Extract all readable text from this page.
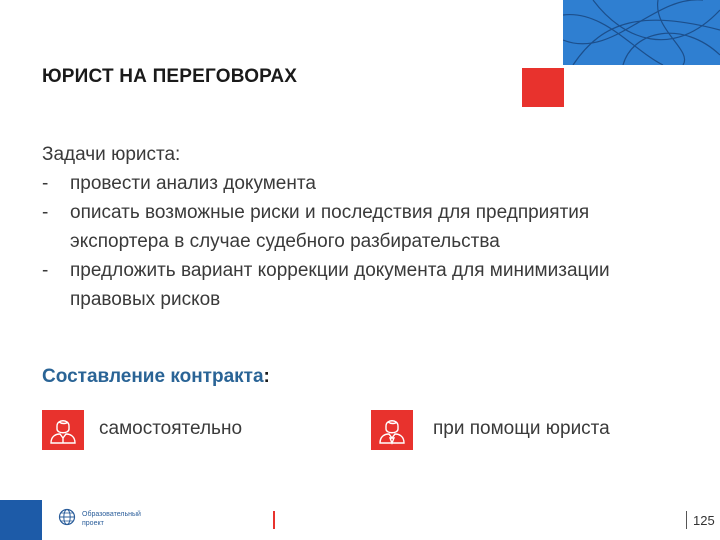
ЮРИСТ НА ПЕРЕГОВОРАХ

Задачи юриста:

- провести анализ документа
- описать возможные риски и последствия для предприятия экспортера в случае судебного разбирательства
- предложить вариант коррекции документа для минимизации правовых рисков
Составление контракта:
самостоятельно	при помощи юриста
Образовательный
проект	125
